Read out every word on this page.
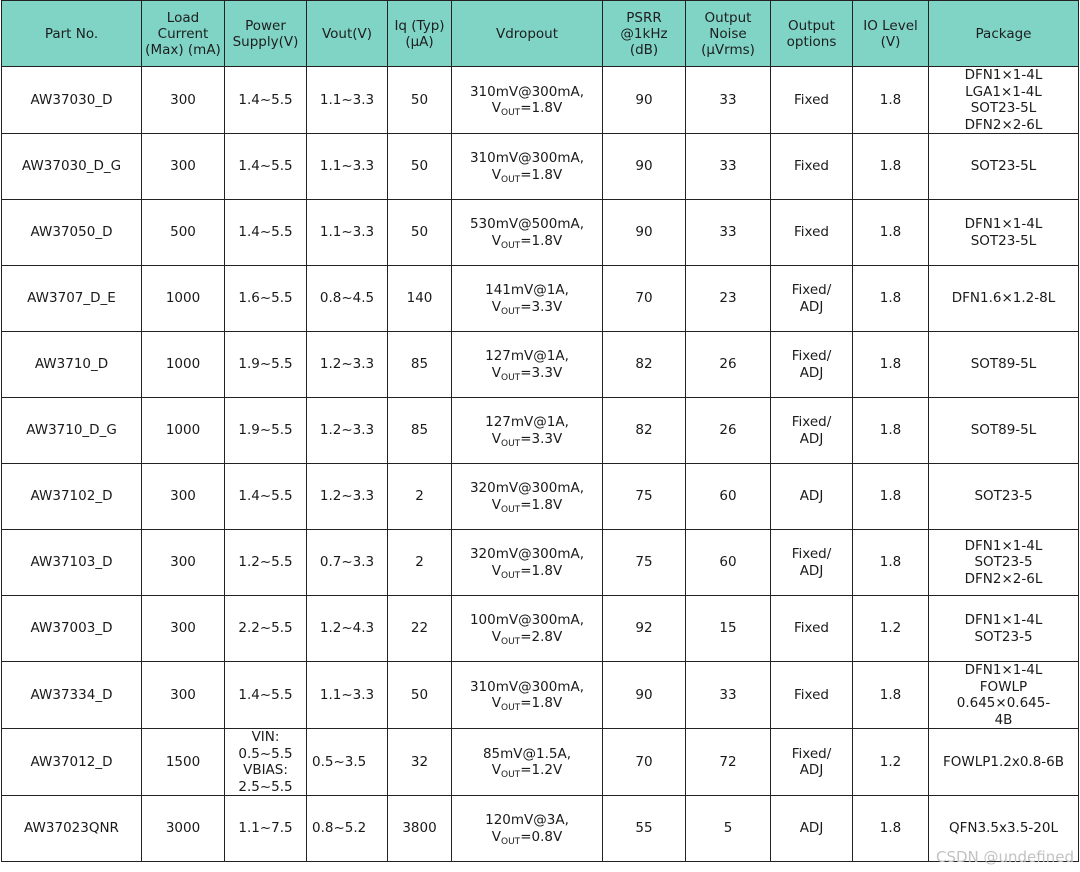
Part No.	Load
Current
(Max) (mA)	Power
Supply(V)	Vout(V)	Iq (Typ)
(μA)	Vdropout	PSRR
@1kHz
(dB)	Output
Noise
(μVrms)	Output
options	IO Level
(V)	Package

AW37030_D	300	1.4~5.5	1.1~3.3	50	310mV@300mA,
$V_{OUT}=1.8V$	90	33	Fixed	1.8	DFN1×1-4L
LGA1×1-4L
SOT23-5L
DFN2×2-6L

AW37030_D_G	300	1.4~5.5	1.1~3.3	50	310mV@300mA,
$V_{OUT}=1.8V$	90	33	Fixed	1.8	SOT23-5L

AW37050_D	500	1.4~5.5	1.1~3.3	50	530mV@500mA,
$V_{OUT}=1.8V$	90	33	Fixed	1.8	DFN1×1-4L
SOT23-5L

AW3707_D_E	1000	1.6~5.5	0.8~4.5	140	141mV@1A,
$V_{OUT}=3.3V$	70	23	Fixed/
ADJ	1.8	DFN1.6×1.2-8L

AW3710_D	1000	1.9~5.5	1.2~3.3	85	127mV@1A,
$V_{OUT}=3.3V$	82	26	Fixed/
ADJ	1.8	SOT89-5L

AW3710_D_G	1000	1.9~5.5	1.2~3.3	85	127mV@1A,
$V_{OUT}=3.3V$	82	26	Fixed/
ADJ	1.8	SOT89-5L

AW37102_D	300	1.4~5.5	1.2~3.3	2	320mV@300mA,
$V_{OUT}=1.8V$	75	60	ADJ	1.8	SOT23-5

AW37103_D	300	1.2~5.5	0.7~3.3	2	320mV@300mA,
$V_{OUT}=1.8V$	75	60	Fixed/
ADJ	1.8	DFN1×1-4L
SOT23-5
DFN2×2-6L

AW37003_D	300	2.2~5.5	1.2~4.3	22	100mV@300mA,
$V_{OUT}=2.8V$	92	15	Fixed	1.2	DFN1×1-4L
SOT23-5

AW37334_D	300	1.4~5.5	1.1~3.3	50	310mV@300mA,
$V_{OUT}=1.8V$	90	33	Fixed	1.8	DFN1×1-4L
FOWLP 0.645×0.645-
4B

AW37012_D	1500	VIN:
0.5~5.5
VBIAS:
2.5~5.5	0.5~3.5	32	85mV@1.5A,
$V_{OUT}=1.2V$	70	72	Fixed/
ADJ	1.2	FOWLP1.2x0.8-6B

AW37023QNR	3000	1.1~7.5	0.8~5.2	3800	120mV@3A,
$V_{OUT}=0.8V$	55	5	ADJ	1.8	QFN3.5x3.5-20L
CSDN @undefined
